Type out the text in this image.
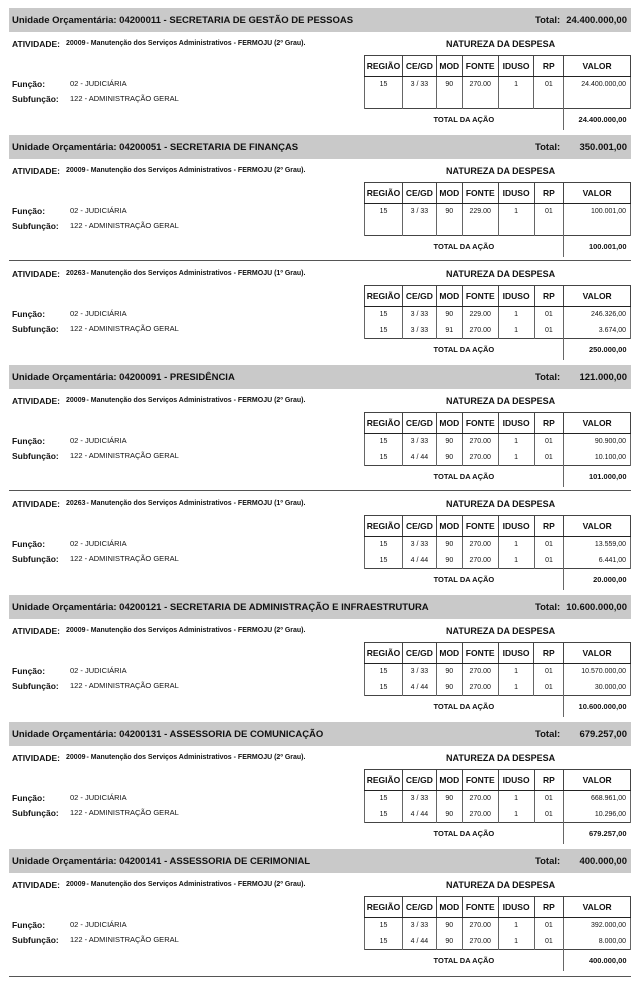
Unidade Orçamentária: 04200011 - SECRETARIA DE GESTÃO DE PESSOAS	Total: 24.400.000,00
ATIVIDADE: 20009 - Manutenção dos Serviços Administrativos - FERMOJU (2º Grau).	NATUREZA DA DESPESA
REGIÃO	CE/GD	MOD	FONTE	IDUSO	RP	VALOR
15	3 / 33	90	270.00	1	01	24.400.000,00

TOTAL DA AÇÃO						24.400.000,00
Função:	02 - JUDICIÁRIA
Subfunção:	122 - ADMINISTRAÇÃO GERAL
Unidade Orçamentária: 04200051 - SECRETARIA DE FINANÇAS	Total: 350.001,00
ATIVIDADE: 20009 - Manutenção dos Serviços Administrativos - FERMOJU (2º Grau).	NATUREZA DA DESPESA
REGIÃO	CE/GD	MOD	FONTE	IDUSO	RP	VALOR
15	3 / 33	90	229.00	1	01	100.001,00

TOTAL DA AÇÃO						100.001,00
Função:	02 - JUDICIÁRIA
Subfunção:	122 - ADMINISTRAÇÃO GERAL
ATIVIDADE: 20263 - Manutenção dos Serviços Administrativos - FERMOJU (1º Grau).	NATUREZA DA DESPESA
REGIÃO	CE/GD	MOD	FONTE	IDUSO	RP	VALOR
15	3 / 33	90	229.00	1	01	246.326,00
15	3 / 33	91	270.00	1	01	3.674,00
TOTAL DA AÇÃO						250.000,00
Função:	02 - JUDICIÁRIA
Subfunção:	122 - ADMINISTRAÇÃO GERAL
Unidade Orçamentária: 04200091 - PRESIDÊNCIA	Total: 121.000,00
ATIVIDADE: 20009 - Manutenção dos Serviços Administrativos - FERMOJU (2º Grau).	NATUREZA DA DESPESA
REGIÃO	CE/GD	MOD	FONTE	IDUSO	RP	VALOR
15	3 / 33	90	270.00	1	01	90.900,00
15	4 / 44	90	270.00	1	01	10.100,00
TOTAL DA AÇÃO						101.000,00
Função:	02 - JUDICIÁRIA
Subfunção:	122 - ADMINISTRAÇÃO GERAL
ATIVIDADE: 20263 - Manutenção dos Serviços Administrativos - FERMOJU (1º Grau).	NATUREZA DA DESPESA
REGIÃO	CE/GD	MOD	FONTE	IDUSO	RP	VALOR
15	3 / 33	90	270.00	1	01	13.559,00
15	4 / 44	90	270.00	1	01	6.441,00
TOTAL DA AÇÃO						20.000,00
Função:	02 - JUDICIÁRIA
Subfunção:	122 - ADMINISTRAÇÃO GERAL
Unidade Orçamentária: 04200121 - SECRETARIA DE ADMINISTRAÇÃO E INFRAESTRUTURA	Total: 10.600.000,00
ATIVIDADE: 20009 - Manutenção dos Serviços Administrativos - FERMOJU (2º Grau).	NATUREZA DA DESPESA
REGIÃO	CE/GD	MOD	FONTE	IDUSO	RP	VALOR
15	3 / 33	90	270.00	1	01	10.570.000,00
15	4 / 44	90	270.00	1	01	30.000,00
TOTAL DA AÇÃO						10.600.000,00
Função:	02 - JUDICIÁRIA
Subfunção:	122 - ADMINISTRAÇÃO GERAL
Unidade Orçamentária: 04200131 - ASSESSORIA DE COMUNICAÇÃO	Total: 679.257,00
ATIVIDADE: 20009 - Manutenção dos Serviços Administrativos - FERMOJU (2º Grau).	NATUREZA DA DESPESA
REGIÃO	CE/GD	MOD	FONTE	IDUSO	RP	VALOR
15	3 / 33	90	270.00	1	01	668.961,00
15	4 / 44	90	270.00	1	01	10.296,00
TOTAL DA AÇÃO						679.257,00
Função:	02 - JUDICIÁRIA
Subfunção:	122 - ADMINISTRAÇÃO GERAL
Unidade Orçamentária: 04200141 - ASSESSORIA DE CERIMONIAL	Total: 400.000,00
ATIVIDADE: 20009 - Manutenção dos Serviços Administrativos - FERMOJU (2º Grau).	NATUREZA DA DESPESA
REGIÃO	CE/GD	MOD	FONTE	IDUSO	RP	VALOR
15	3 / 33	90	270.00	1	01	392.000,00
15	4 / 44	90	270.00	1	01	8.000,00
TOTAL DA AÇÃO						400.000,00
Função:	02 - JUDICIÁRIA
Subfunção:	122 - ADMINISTRAÇÃO GERAL
